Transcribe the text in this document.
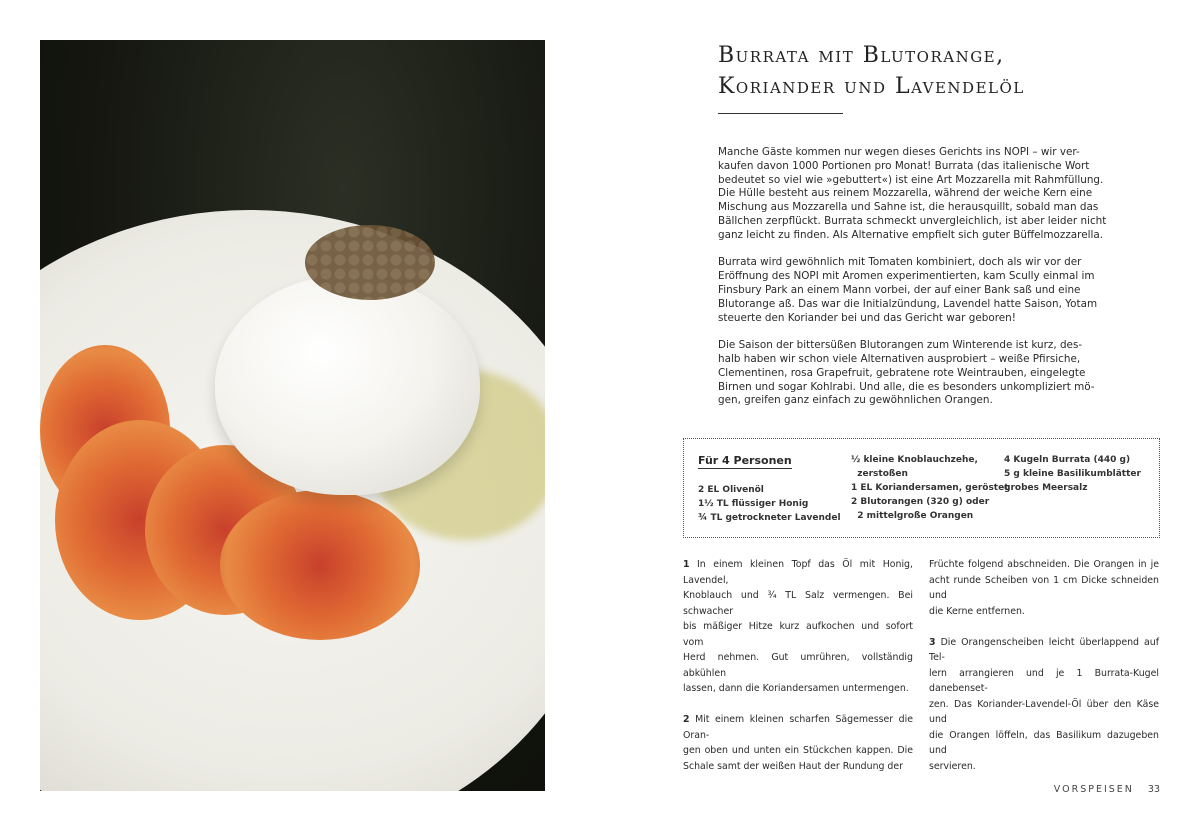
Burrata mit Blutorange,
Koriander und Lavendelöl

Manche Gäste kommen nur wegen dieses Gerichts ins NOPI – wir ver-
kaufen davon 1000 Portionen pro Monat! Burrata (das italienische Wort
bedeutet so viel wie »gebuttert«) ist eine Art Mozzarella mit Rahmfüllung.
Die Hülle besteht aus reinem Mozzarella, während der weiche Kern eine
Mischung aus Mozzarella und Sahne ist, die herausquillt, sobald man das
Bällchen zerpflückt. Burrata schmeckt unvergleichlich, ist aber leider nicht
ganz leicht zu finden. Als Alternative empfielt sich guter Büffelmozzarella.

Burrata wird gewöhnlich mit Tomaten kombiniert, doch als wir vor der
Eröffnung des NOPI mit Aromen experimentierten, kam Scully einmal im
Finsbury Park an einem Mann vorbei, der auf einer Bank saß und eine
Blutorange aß. Das war die Initialzündung, Lavendel hatte Saison, Yotam
steuerte den Koriander bei und das Gericht war geboren!

Die Saison der bittersüßen Blutorangen zum Winterende ist kurz, des-
halb haben wir schon viele Alternativen ausprobiert – weiße Pfirsiche,
Clementinen, rosa Grapefruit, gebratene rote Weintrauben, eingelegte
Birnen und sogar Kohlrabi. Und alle, die es besonders unkompliziert mö-
gen, greifen ganz einfach zu gewöhnlichen Orangen.

Für 4 Personen
2 EL Olivenöl
1½ TL flüssiger Honig
¾ TL getrockneter Lavendel
½ kleine Knoblauchzehe,
zerstoßen
1 EL Koriandersamen, geröstet
2 Blutorangen (320 g) oder
2 mittelgroße Orangen
4 Kugeln Burrata (440 g)
5 g kleine Basilikumblätter
grobes Meersalz

1 In einem kleinen Topf das Öl mit Honig, Lavendel,
Knoblauch und ¾ TL Salz vermengen. Bei schwacher
bis mäßiger Hitze kurz aufkochen und sofort vom
Herd nehmen. Gut umrühren, vollständig abkühlen
lassen, dann die Koriandersamen untermengen.

2 Mit einem kleinen scharfen Sägemesser die Oran-
gen oben und unten ein Stückchen kappen. Die
Schale samt der weißen Haut der Rundung der

Früchte folgend abschneiden. Die Orangen in je
acht runde Scheiben von 1 cm Dicke schneiden und
die Kerne entfernen.

3 Die Orangenscheiben leicht überlappend auf Tel-
lern arrangieren und je 1 Burrata-Kugel danebenset-
zen. Das Koriander-Lavendel-Öl über den Käse und
die Orangen löffeln, das Basilikum dazugeben und
servieren.

VORSPEISEN 33
